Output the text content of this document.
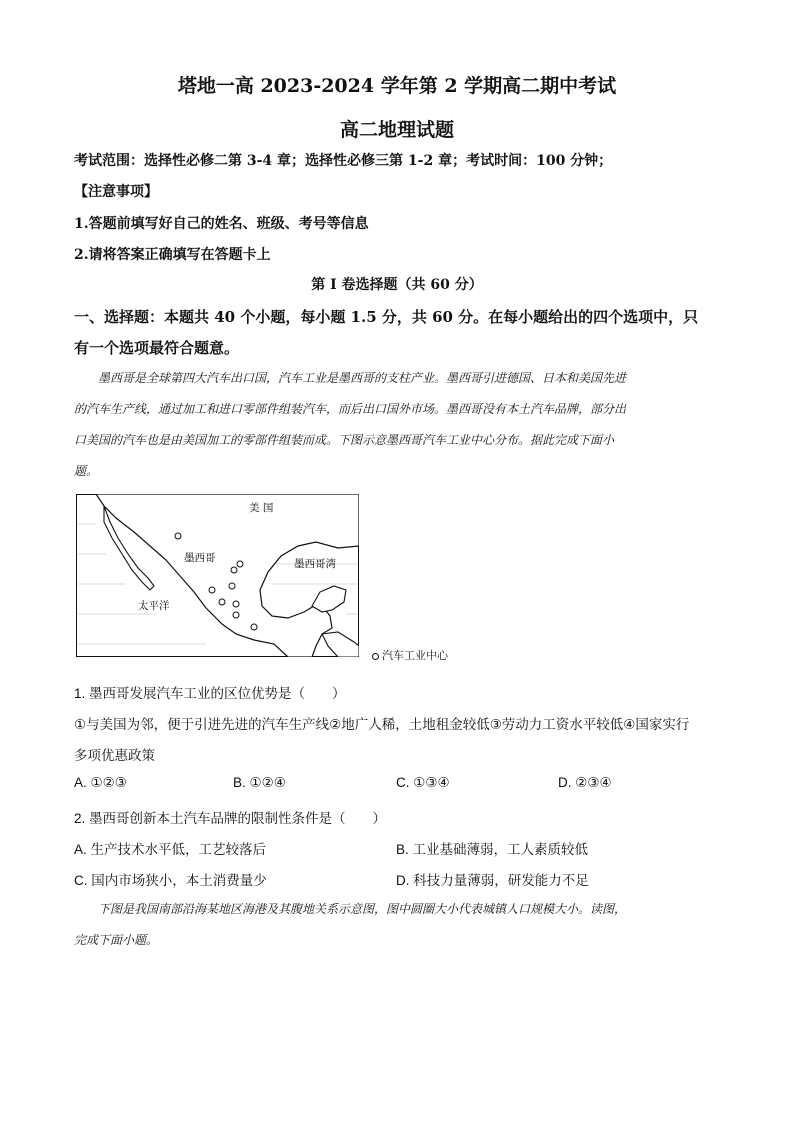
塔地一高 2023-2024 学年第 2 学期高二期中考试
高二地理试题
考试范围：选择性必修二第 3-4 章；选择性必修三第 1-2 章；考试时间：100 分钟；
【注意事项】
1.答题前填写好自己的姓名、班级、考号等信息
2.请将答案正确填写在答题卡上
第 I 卷选择题（共 60 分）
一、选择题：本题共 40 个小题，每小题 1.5 分，共 60 分。在每小题给出的四个选项中，只
有一个选项最符合题意。
墨西哥是全球第四大汽车出口国，汽车工业是墨西哥的支柱产业。墨西哥引进德国、日本和美国先进
的汽车生产线，通过加工和进口零部件组装汽车，而后出口国外市场。墨西哥没有本土汽车品牌，部分出
口美国的汽车也是由美国加工的零部件组装而成。下图示意墨西哥汽车工业中心分布。据此完成下面小
题。
美 国
墨西哥	墨西哥湾
太平洋
汽车工业中心
1. 墨西哥发展汽车工业的区位优势是（　　）
①与美国为邻，便于引进先进的汽车生产线②地广人稀，土地租金较低③劳动力工资水平较低④国家实行
多项优惠政策
A. ①②③	B. ①②④	C. ①③④	D. ②③④
2. 墨西哥创新本土汽车品牌的限制性条件是（　　）
A. 生产技术水平低，工艺较落后	B. 工业基础薄弱，工人素质较低
C. 国内市场狭小，本土消费量少	D. 科技力量薄弱，研发能力不足
下图是我国南部沿海某地区海港及其腹地关系示意图，图中圆圈大小代表城镇人口规模大小。读图，
完成下面小题。
